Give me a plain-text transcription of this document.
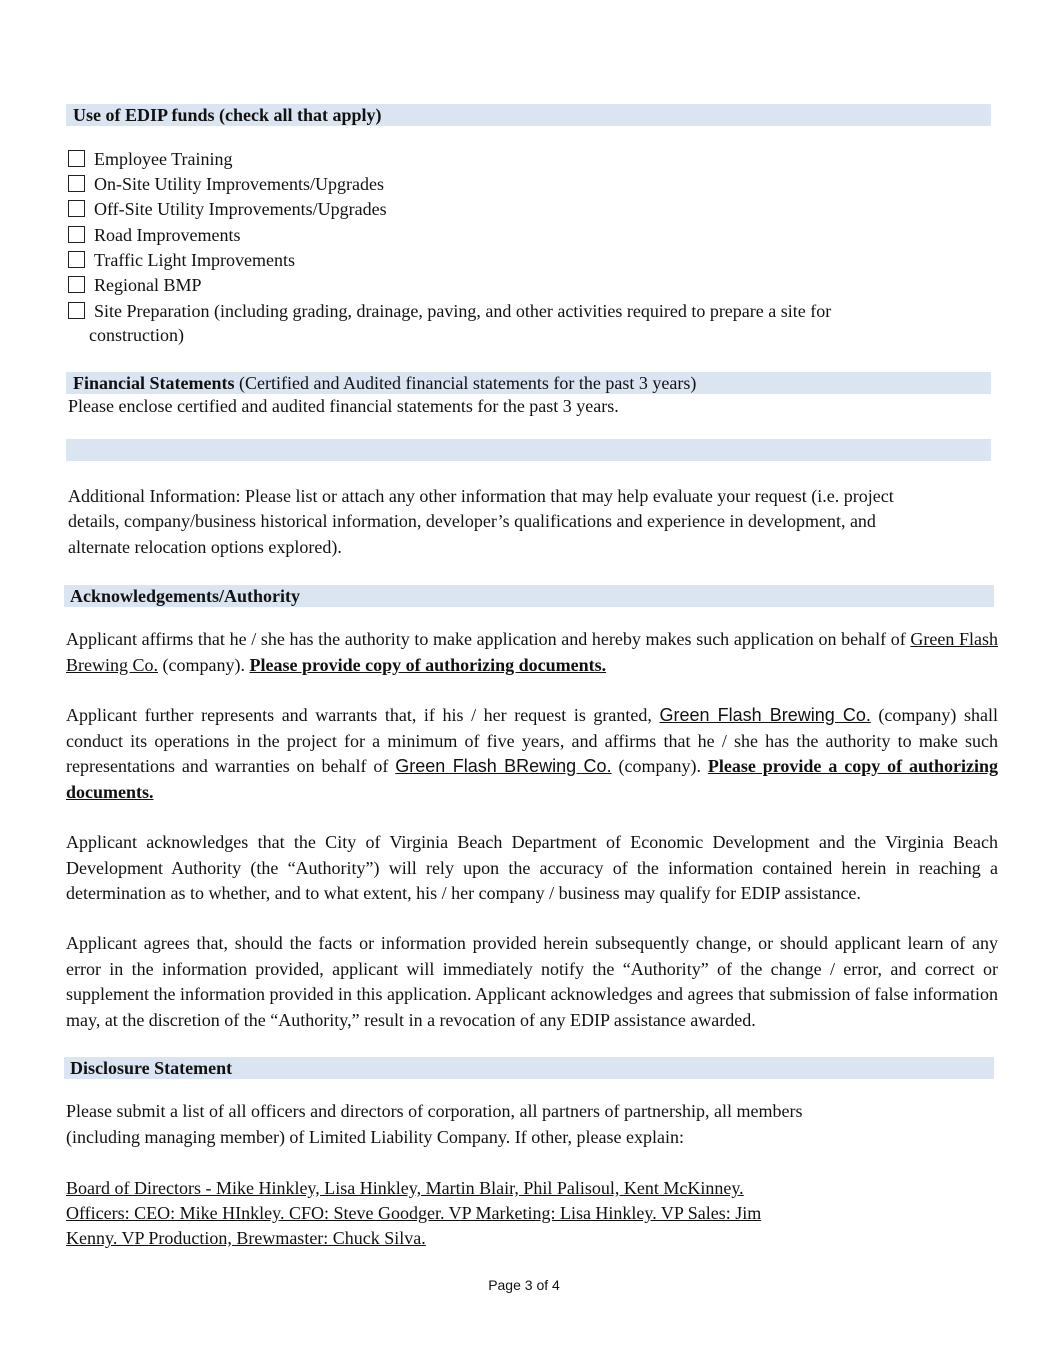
Use of EDIP funds (check all that apply)
Employee Training
On-Site Utility Improvements/Upgrades
Off-Site Utility Improvements/Upgrades
Road Improvements
Traffic Light Improvements
Regional BMP
Site Preparation (including grading, drainage, paving, and other activities required to prepare a site for
construction)
Financial Statements (Certified and Audited financial statements for the past 3 years)
Please enclose certified and audited financial statements for the past 3 years.
Additional Information: Please list or attach any other information that may help evaluate your request (i.e. project
details, company/business historical information, developer’s qualifications and experience in development, and
alternate relocation options explored).
Acknowledgements/Authority
Applicant affirms that he / she has the authority to make application and hereby makes such application on behalf of Green Flash Brewing Co. (company). Please provide copy of authorizing documents.
Applicant further represents and warrants that, if his / her request is granted, Green Flash Brewing Co. (company) shall conduct its operations in the project for a minimum of five years, and affirms that he / she has the authority to make such representations and warranties on behalf of Green Flash BRewing Co. (company). Please provide a copy of authorizing documents.
Applicant acknowledges that the City of Virginia Beach Department of Economic Development and the Virginia Beach Development Authority (the “Authority”) will rely upon the accuracy of the information contained herein in reaching a determination as to whether, and to what extent, his / her company / business may qualify for EDIP assistance.
Applicant agrees that, should the facts or information provided herein subsequently change, or should applicant learn of any error in the information provided, applicant will immediately notify the “Authority” of the change / error, and correct or supplement the information provided in this application. Applicant acknowledges and agrees that submission of false information may, at the discretion of the “Authority,” result in a revocation of any EDIP assistance awarded.
Disclosure Statement
Please submit a list of all officers and directors of corporation, all partners of partnership, all members
(including managing member) of Limited Liability Company. If other, please explain:
Board of Directors - Mike Hinkley, Lisa Hinkley, Martin Blair, Phil Palisoul, Kent McKinney.
Officers: CEO: Mike HInkley. CFO: Steve Goodger. VP Marketing: Lisa Hinkley. VP Sales: Jim
Kenny. VP Production, Brewmaster: Chuck Silva.
Page 3 of 4
